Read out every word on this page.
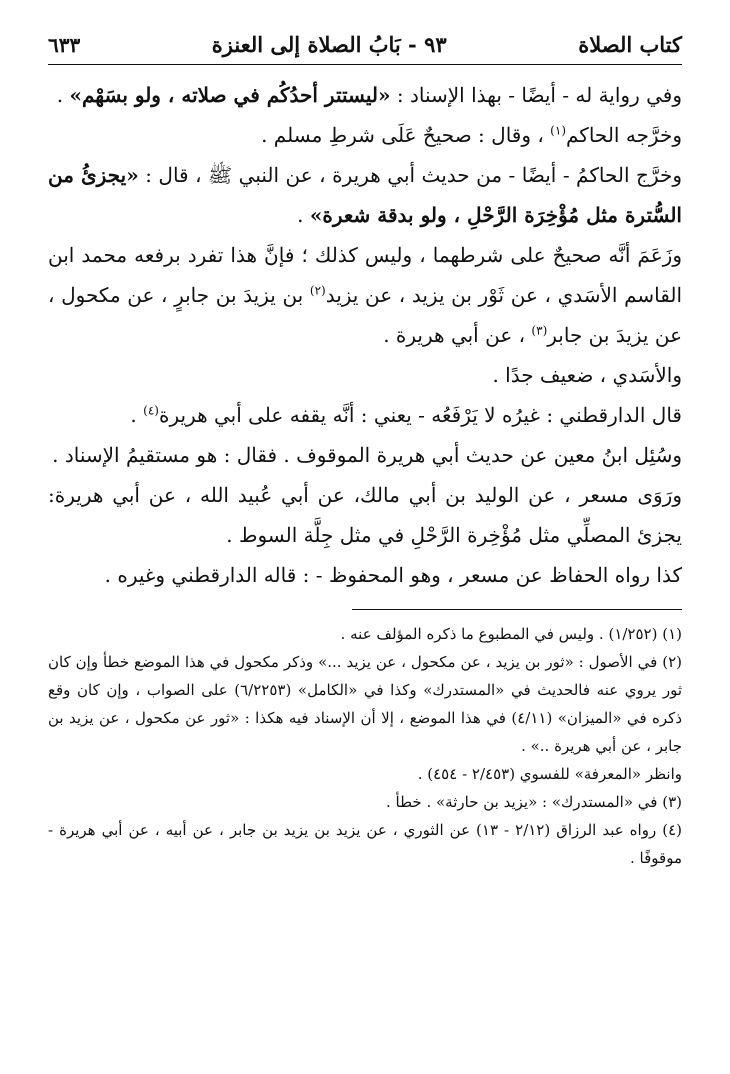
كتاب الصلاة
٩٣ - بَابُ الصلاة إلى العنزة
٦٣٣

وفي رواية له - أيضًا - بهذا الإسناد : «ليستتر أحدُكُم في صلاته ، ولو بسَهْم» .

وخرَّجه الحاكم$^{(١)}$ ، وقال : صحيحٌ عَلَى شرطِ مسلم .

وخرَّج الحاكمُ - أيضًا - من حديث أبي هريرة ، عن النبي ﷺ ، قال : «يجزئُ من السُّترة مثل مُؤْخِرَة الرَّحْلِ ، ولو بدقة شعرة» .

وزَعَمَ أنَّه صحيحٌ على شرطهما ، وليس كذلك ؛ فإنَّ هذا تفرد برفعه محمد ابن القاسم الأسَدي ، عن ثَوْر بن يزيد ، عن يزيد$^{(٢)}$ بن يزيدَ بن جابرٍ ، عن مكحول ، عن يزيدَ بن جابر$^{(٣)}$ ، عن أبي هريرة .

والأسَدي ، ضعيف جدًا .

قال الدارقطني : غيرُه لا يَرْفَعُه - يعني : أنَّه يقفه على أبي هريرة$^{(٤)}$ .

وسُئِل ابنُ معين عن حديث أبي هريرة الموقوف . فقال : هو مستقيمُ الإسناد .

ورَوَى مسعر ، عن الوليد بن أبي مالك، عن أبي عُبيد الله ، عن أبي هريرة: يجزئ المصلِّي مثل مُؤْخِرة الرَّحْلِ في مثل جِلَّة السوط .

كذا رواه الحفاظ عن مسعر ، وهو المحفوظ - : قاله الدارقطني وغيره .

(١) (١/٢٥٢) . وليس في المطبوع ما ذكره المؤلف عنه .

(٢) في الأصول : «ثور بن يزيد ، عن مكحول ، عن يزيد ...» وذكر مكحول في هذا الموضع خطأ وإن كان ثور يروي عنه فالحديث في «المستدرك» وكذا في «الكامل» (٦/٢٢٥٣) على الصواب ، وإن كان وقع ذكره في «الميزان» (٤/١١) في هذا الموضع ، إلا أن الإسناد فيه هكذا : «ثور عن مكحول ، عن يزيد بن جابر ، عن أبي هريرة ..» .
وانظر «المعرفة» للفسوي (٢/٤٥٣ - ٤٥٤) .

(٣) في «المستدرك» : «يزيد بن حارثة» . خطأ .

(٤) رواه عبد الرزاق (٢/١٢ - ١٣) عن الثوري ، عن يزيد بن يزيد بن جابر ، عن أبيه ، عن أبي هريرة - موقوفًا .
